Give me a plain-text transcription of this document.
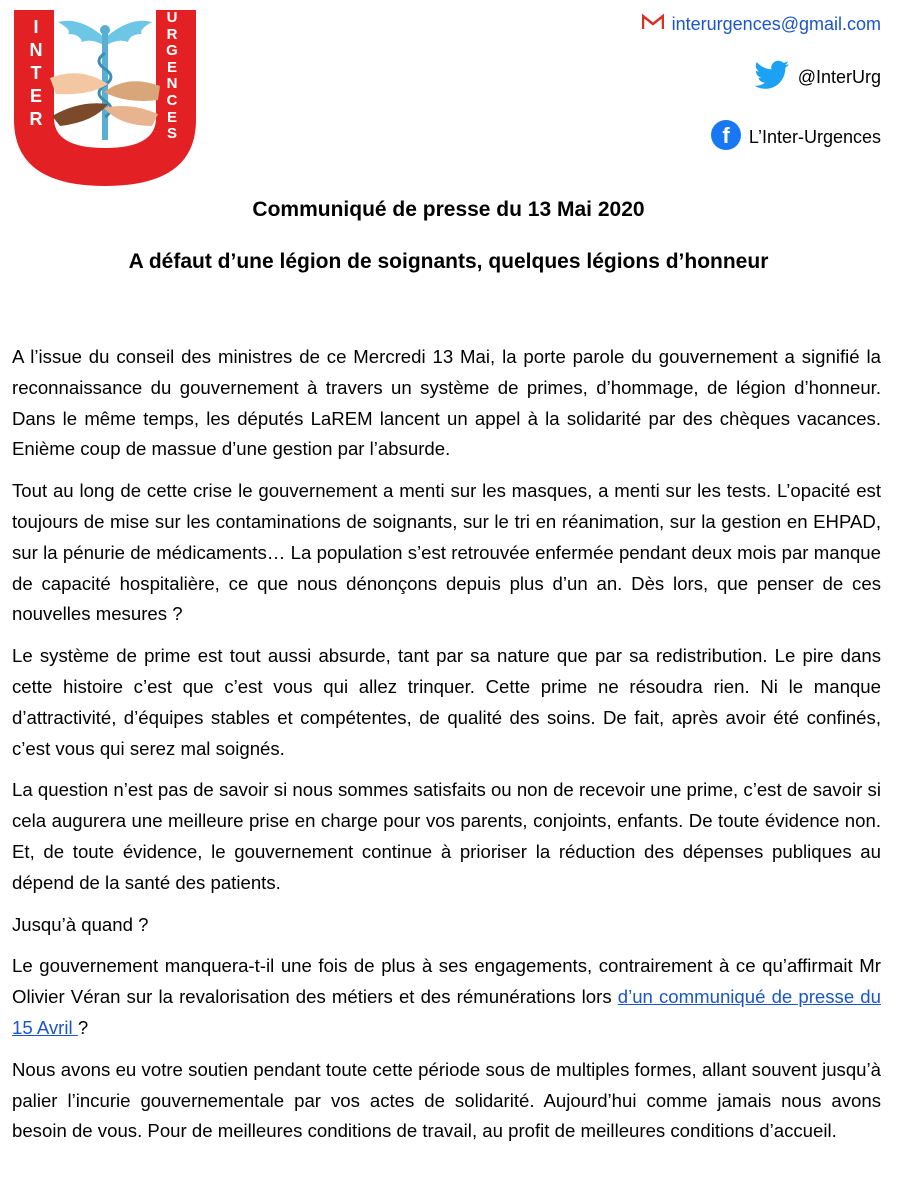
I
N
T
E
R
U
R
G
E
N
C
E
S
interurgences@gmail.com
@InterUrg
f L’Inter-Urgences
Communiqué de presse du 13 Mai 2020
A défaut d’une légion de soignants, quelques légions d’honneur

A l’issue du conseil des ministres de ce Mercredi 13 Mai, la porte parole du gouvernement a signifié la reconnaissance du gouvernement à travers un système de primes, d’hommage, de légion d’honneur. Dans le même temps, les députés LaREM lancent un appel à la solidarité par des chèques vacances. Enième coup de massue d’une gestion par l’absurde.

Tout au long de cette crise le gouvernement a menti sur les masques, a menti sur les tests. L’opacité est toujours de mise sur les contaminations de soignants, sur le tri en réanimation, sur la gestion en EHPAD, sur la pénurie de médicaments… La population s’est retrouvée enfermée pendant deux mois par manque de capacité hospitalière, ce que nous dénonçons depuis plus d’un an. Dès lors, que penser de ces nouvelles mesures ?

Le système de prime est tout aussi absurde, tant par sa nature que par sa redistribution. Le pire dans cette histoire c’est que c’est vous qui allez trinquer. Cette prime ne résoudra rien. Ni le manque d’attractivité, d’équipes stables et compétentes, de qualité des soins. De fait, après avoir été confinés, c’est vous qui serez mal soignés.

La question n’est pas de savoir si nous sommes satisfaits ou non de recevoir une prime, c’est de savoir si cela augurera une meilleure prise en charge pour vos parents, conjoints, enfants. De toute évidence non. Et, de toute évidence, le gouvernement continue à prioriser la réduction des dépenses publiques au dépend de la santé des patients.

Jusqu’à quand ?

Le gouvernement manquera-t-il une fois de plus à ses engagements, contrairement à ce qu’affirmait Mr Olivier Véran sur la revalorisation des métiers et des rémunérations lors d’un communiqué de presse du 15 Avril ?

Nous avons eu votre soutien pendant toute cette période sous de multiples formes, allant souvent jusqu’à palier l’incurie gouvernementale par vos actes de solidarité. Aujourd’hui comme jamais nous avons besoin de vous. Pour de meilleures conditions de travail, au profit de meilleures conditions d’accueil.
